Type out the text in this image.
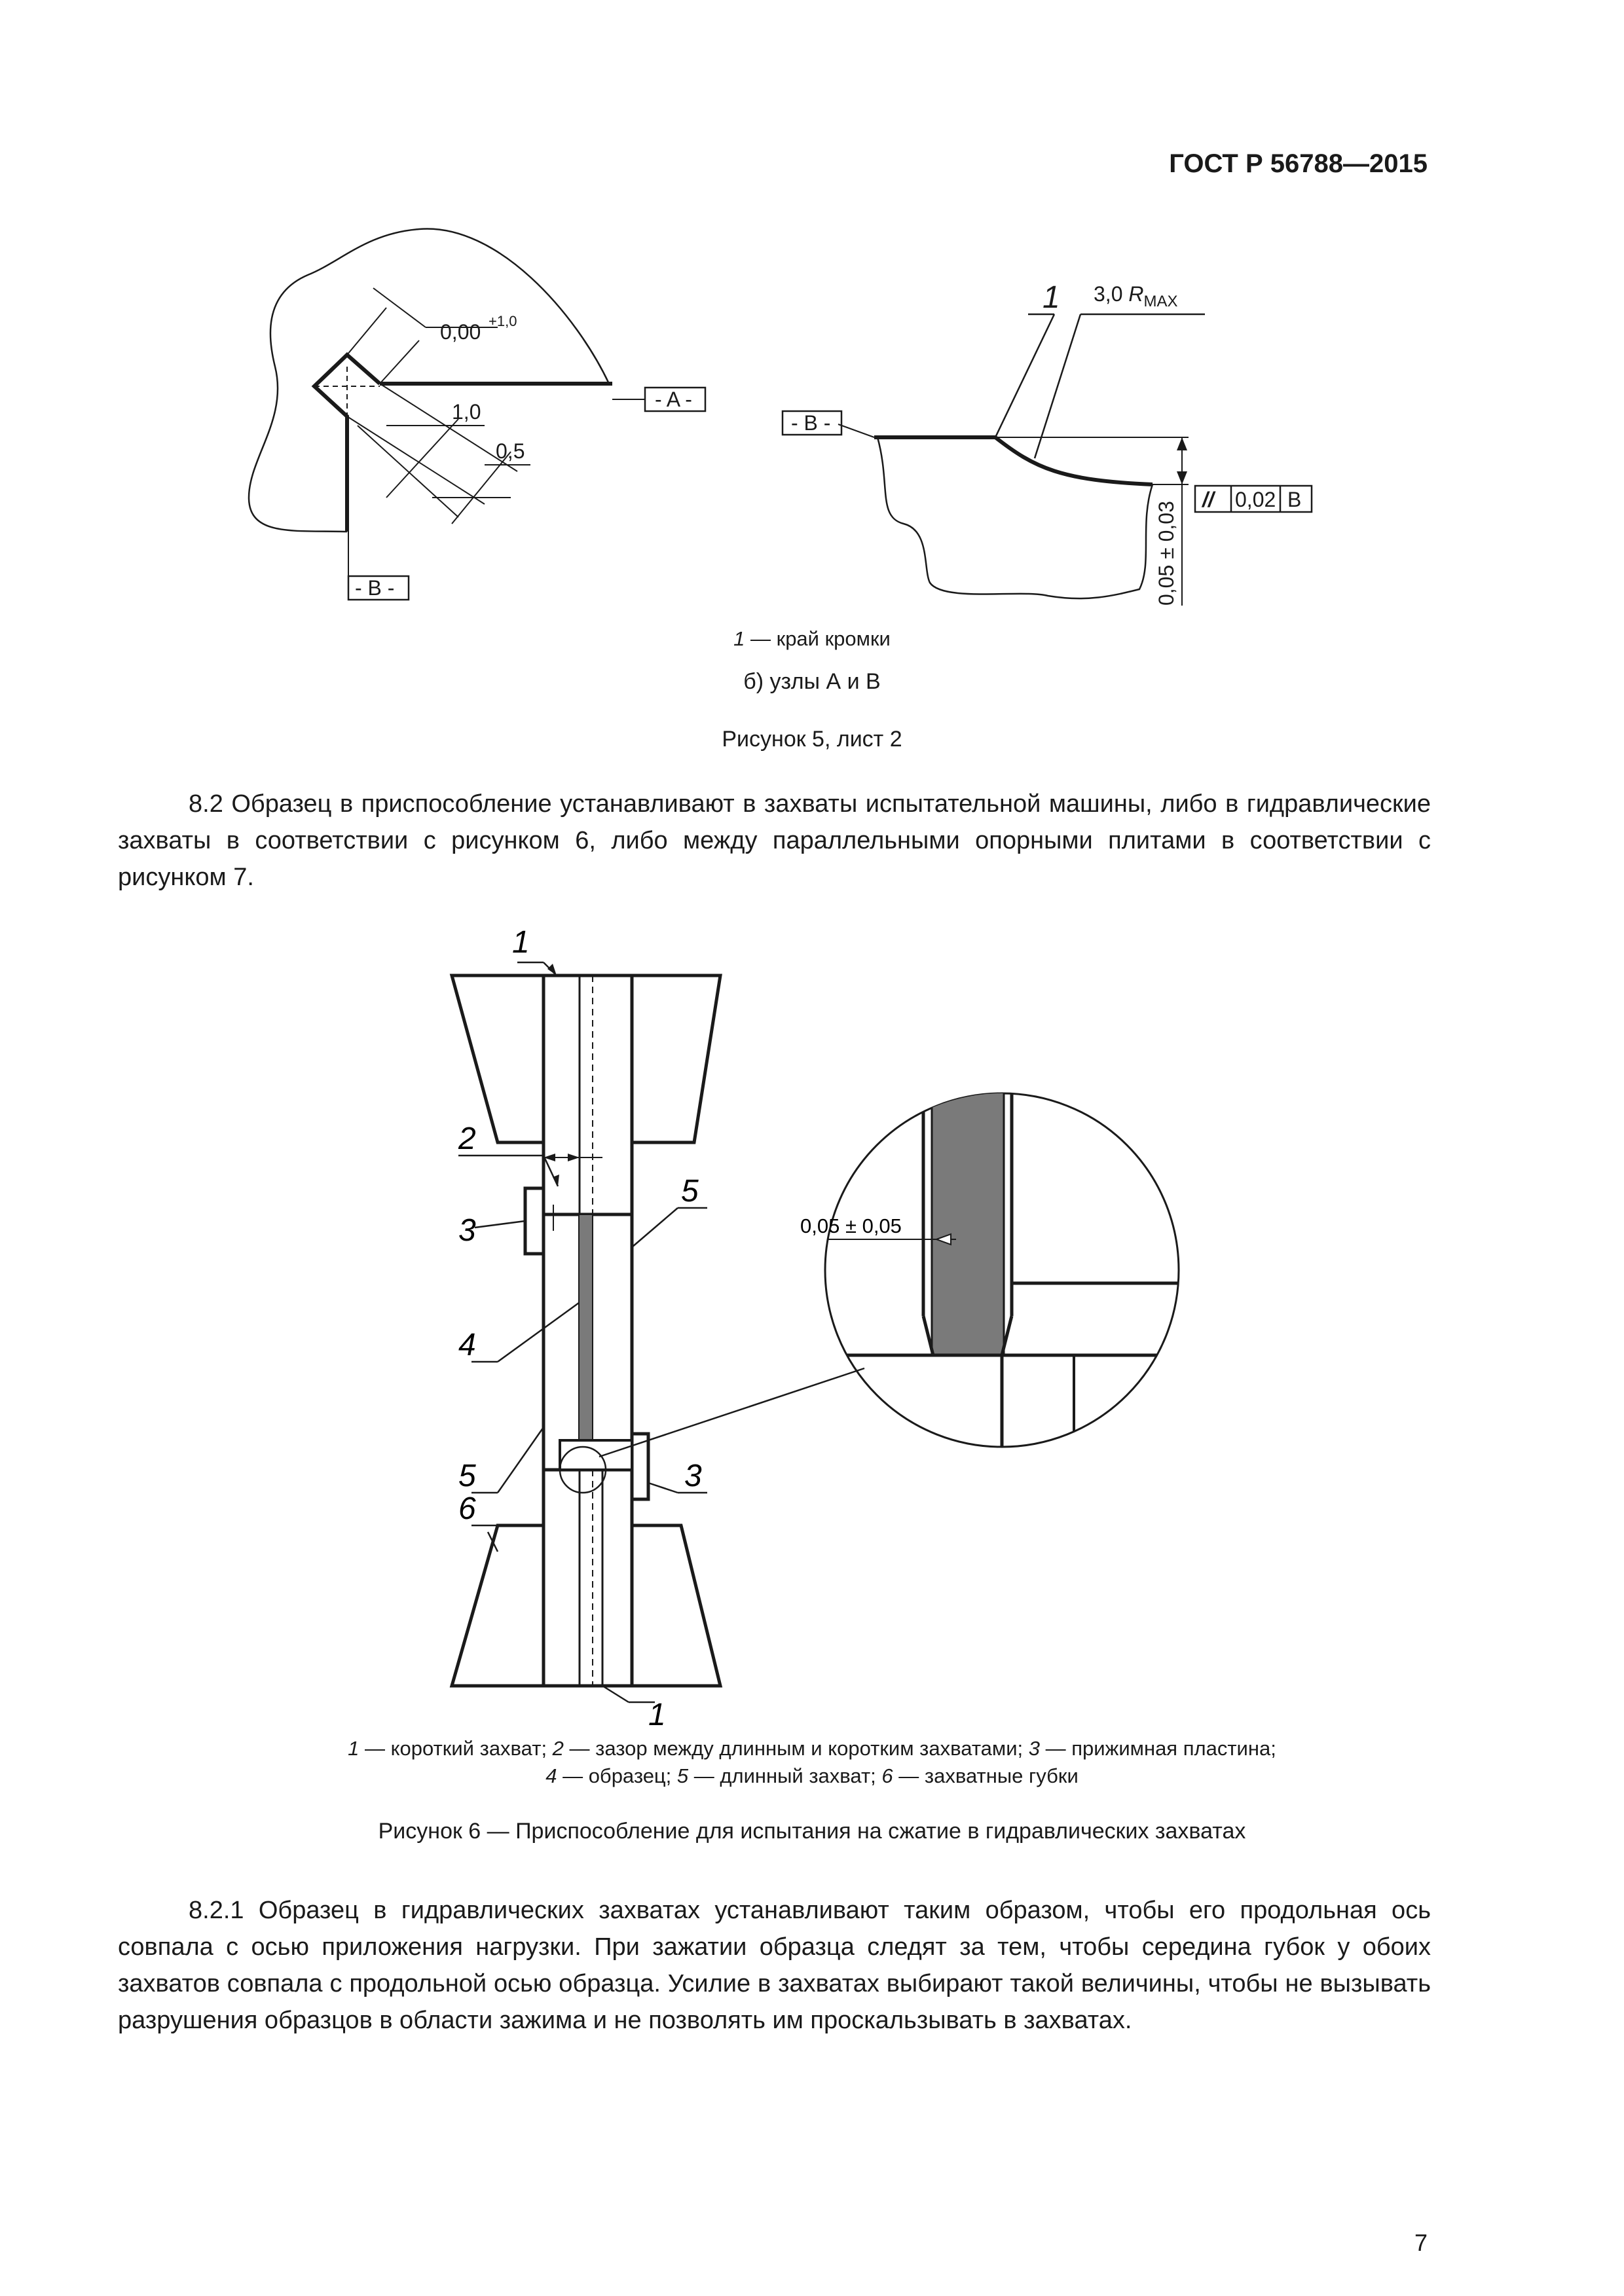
ГОСТ Р 56788—2015
0,00 +1,0
1,0
0,5
- A -
- B -
1 3,0 $R_{MAX}$
- B -
// 0,02 B
0,05 ± 0,03
1 — край кромки
б) узлы А и В
Рисунок 5, лист 2
8.2 Образец в приспособление устанавливают в захваты испытательной машины, либо в гидравлические захваты в соответствии с рисунком 6, либо между параллельными опорными плитами в соответствии с рисунком 7.
1
2
3
5
4
5	3
6
1
0,05 ± 0,05
1 — короткий захват; 2 — зазор между длинным и коротким захватами; 3 — прижимная пластина;
4 — образец; 5 — длинный захват; 6 — захватные губки
Рисунок 6 — Приспособление для испытания на сжатие в гидравлических захватах
8.2.1 Образец в гидравлических захватах устанавливают таким образом, чтобы его продольная ось совпала с осью приложения нагрузки. При зажатии образца следят за тем, чтобы середина губок у обоих захватов совпала с продольной осью образца. Усилие в захватах выбирают такой величины, чтобы не вызывать разрушения образцов в области зажима и не позволять им проскальзывать в захватах.
7
